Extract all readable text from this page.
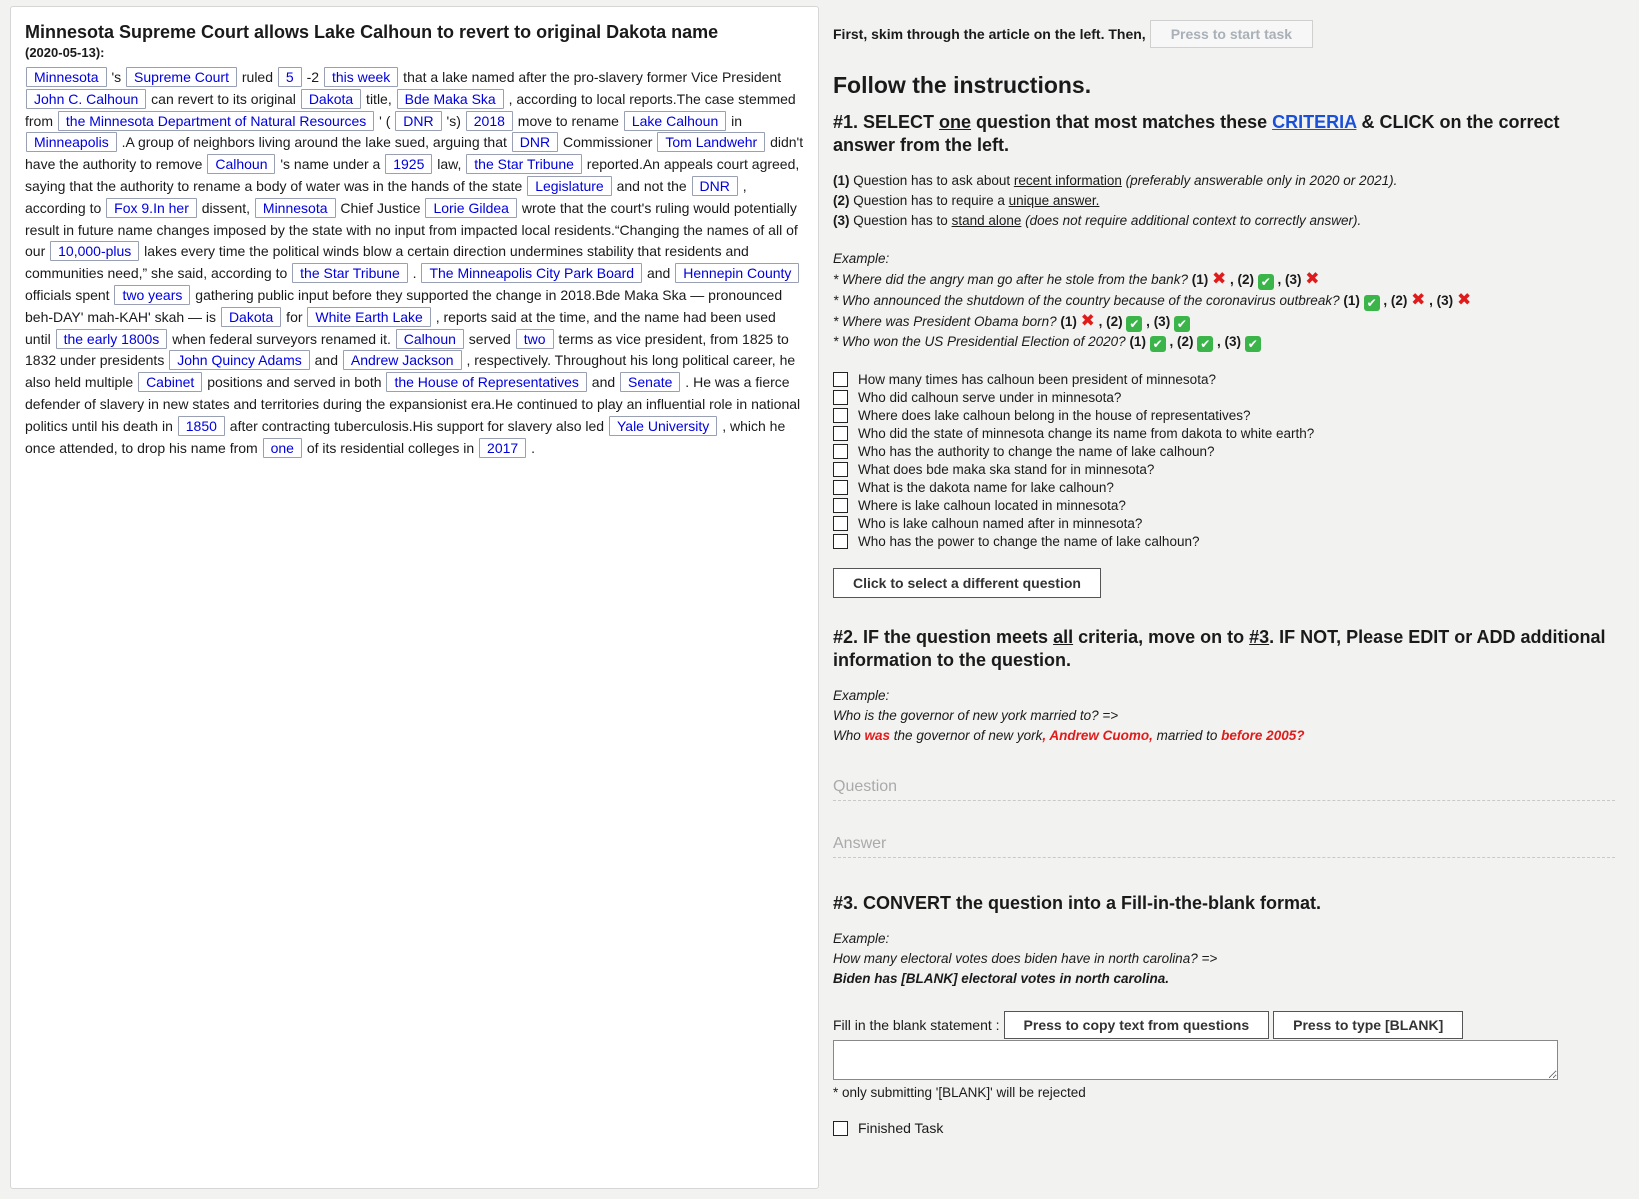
Minnesota Supreme Court allows Lake Calhoun to revert to original Dakota name
(2020-05-13):
Minnesota 's Supreme Court ruled 5 -2 this week that a lake named after the pro-slavery former Vice President John C. Calhoun can revert to its original Dakota title, Bde Maka Ska , according to local reports.The case stemmed from the Minnesota Department of Natural Resources ' ( DNR 's) 2018 move to rename Lake Calhoun in Minneapolis .A group of neighbors living around the lake sued, arguing that DNR Commissioner Tom Landwehr didn't have the authority to remove Calhoun 's name under a 1925 law, the Star Tribune reported.An appeals court agreed, saying that the authority to rename a body of water was in the hands of the state Legislature and not the DNR , according to Fox 9.In her dissent, Minnesota Chief Justice Lorie Gildea wrote that the court's ruling would potentially result in future name changes imposed by the state with no input from impacted local residents.“Changing the names of all of our 10,000-plus lakes every time the political winds blow a certain direction undermines stability that residents and communities need,” she said, according to the Star Tribune . The Minneapolis City Park Board and Hennepin County officials spent two years gathering public input before they supported the change in 2018.Bde Maka Ska — pronounced beh-DAY' mah-KAH' skah — is Dakota for White Earth Lake , reports said at the time, and the name had been used until the early 1800s when federal surveyors renamed it. Calhoun served two terms as vice president, from 1825 to 1832 under presidents John Quincy Adams and Andrew Jackson , respectively. Throughout his long political career, he also held multiple Cabinet positions and served in both the House of Representatives and Senate . He was a fierce defender of slavery in new states and territories during the expansionist era.He continued to play an influential role in national politics until his death in 1850 after contracting tuberculosis.His support for slavery also led Yale University , which he once attended, to drop his name from one of its residential colleges in 2017 .
First, skim through the article on the left. Then,	Press to start task
Follow the instructions.
#1. SELECT one question that most matches these CRITERIA & CLICK on the correct answer from the left.
(1) Question has to ask about recent information (preferably answerable only in 2020 or 2021).
(2) Question has to require a unique answer.
(3) Question has to stand alone (does not require additional context to correctly answer).
Example:
* Where did the angry man go after he stole from the bank? (1) ✖ , (2) ✔ , (3) ✖
* Who announced the shutdown of the country because of the coronavirus outbreak? (1) ✔ , (2) ✖ , (3) ✖
* Where was President Obama born? (1) ✖ , (2) ✔ , (3) ✔
* Who won the US Presidential Election of 2020? (1) ✔ , (2) ✔ , (3) ✔
How many times has calhoun been president of minnesota?
Who did calhoun serve under in minnesota?
Where does lake calhoun belong in the house of representatives?
Who did the state of minnesota change its name from dakota to white earth?
Who has the authority to change the name of lake calhoun?
What does bde maka ska stand for in minnesota?
What is the dakota name for lake calhoun?
Where is lake calhoun located in minnesota?
Who is lake calhoun named after in minnesota?
Who has the power to change the name of lake calhoun?
Click to select a different question
#2. IF the question meets all criteria, move on to #3. IF NOT, Please EDIT or ADD additional information to the question.
Example:
Who is the governor of new york married to? =>
Who was the governor of new york, Andrew Cuomo, married to before 2005?
Question
Answer
#3. CONVERT the question into a Fill-in-the-blank format.
Example:
How many electoral votes does biden have in north carolina? =>
Biden has [BLANK] electoral votes in north carolina.
Fill in the blank statement :	Press to copy text from questions	Press to type [BLANK]
* only submitting '[BLANK]' will be rejected
Finished Task
